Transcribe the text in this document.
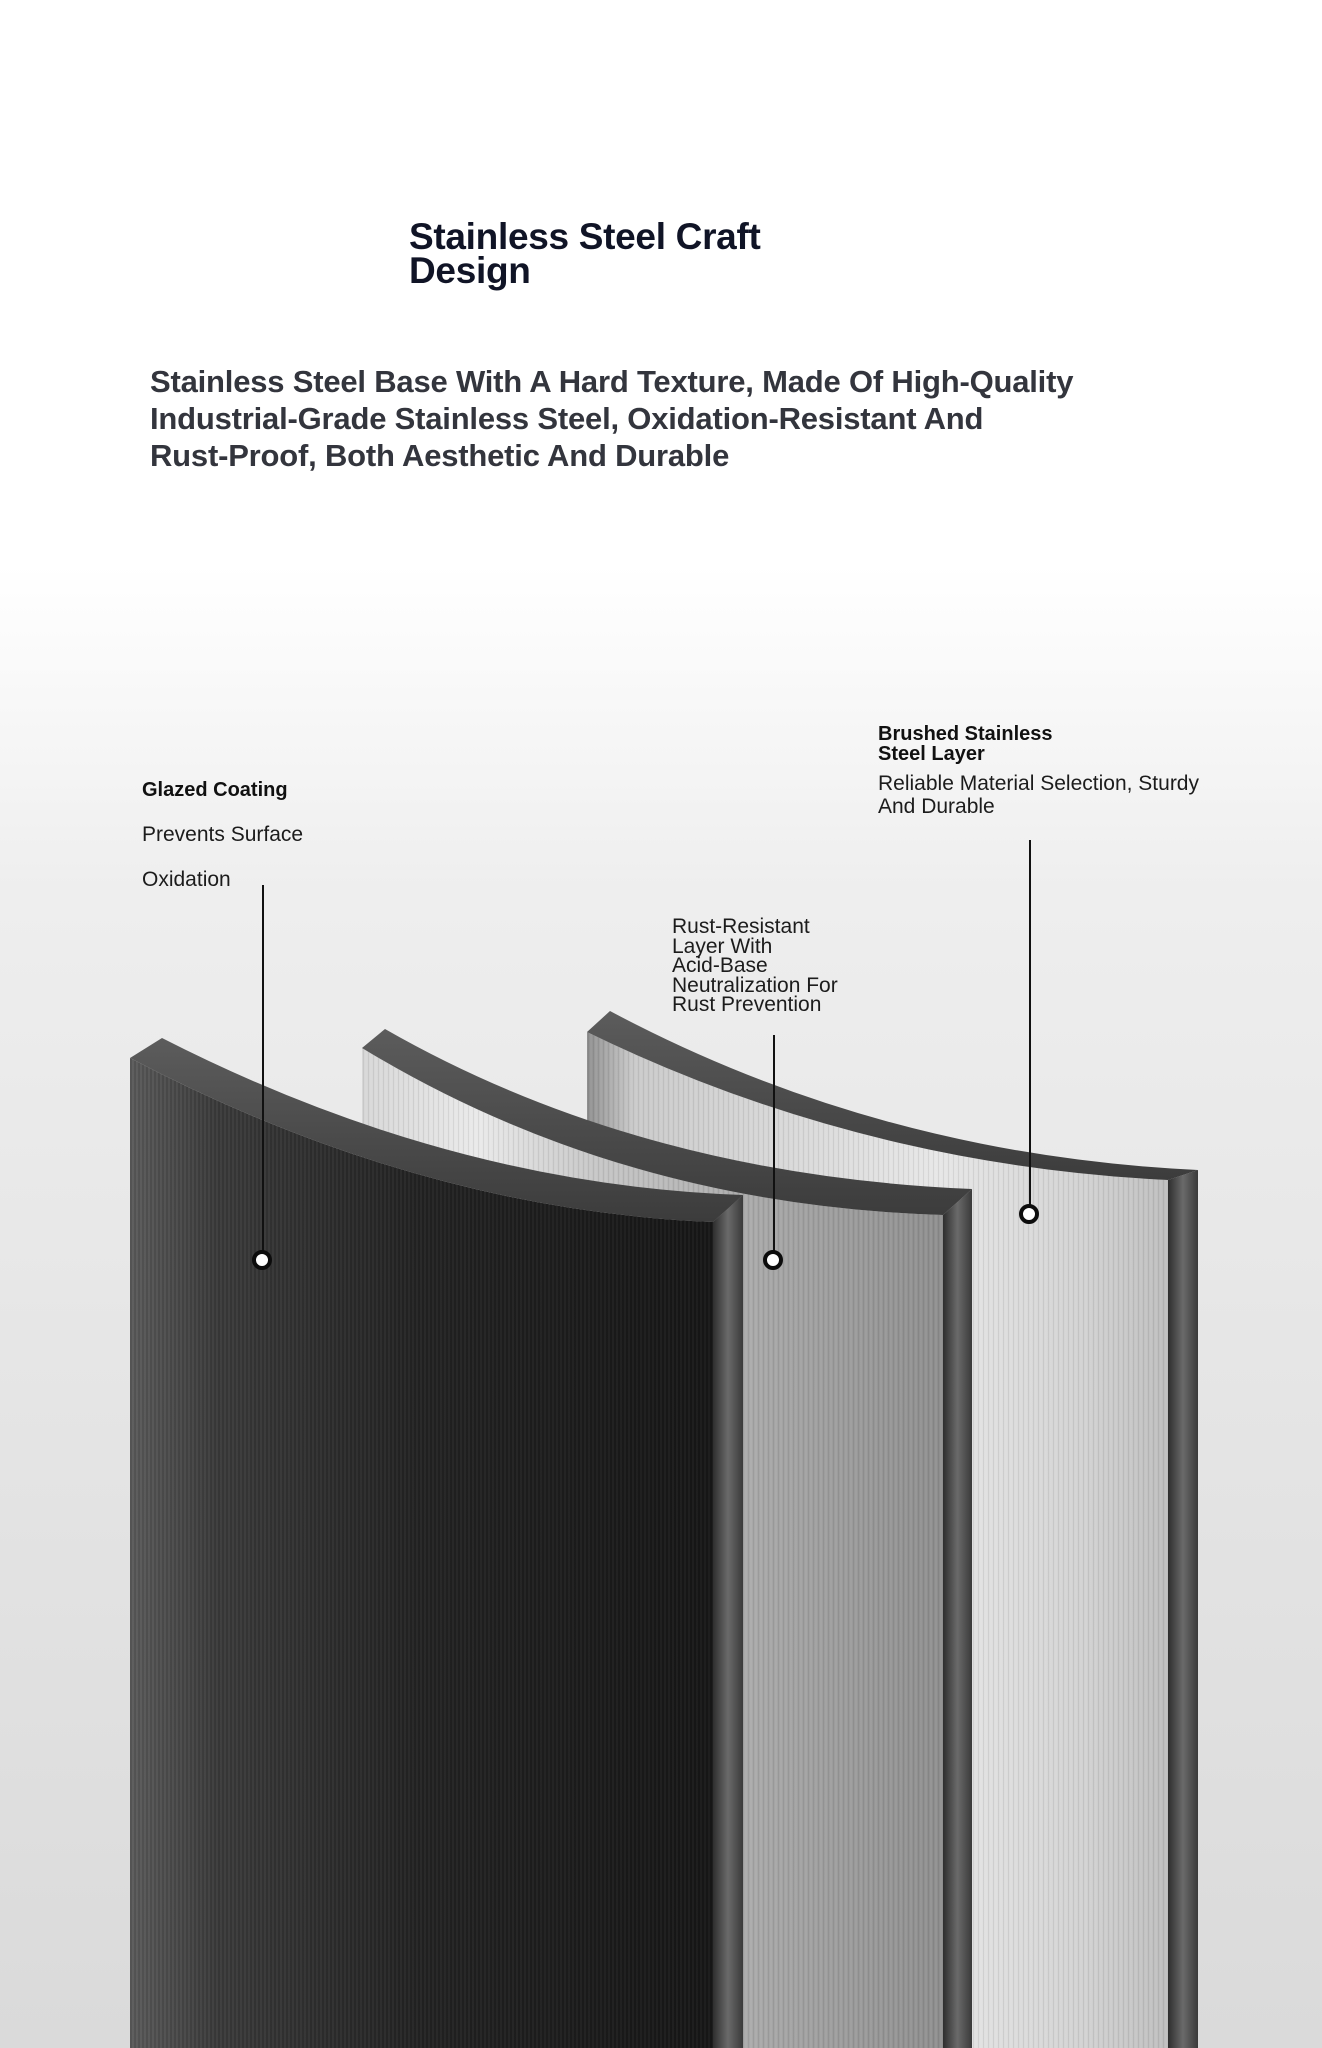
Stainless Steel Craft
Design

Stainless Steel Base With A Hard Texture, Made Of High-Quality
Industrial-Grade Stainless Steel, Oxidation-Resistant And
Rust-Proof, Both Aesthetic And Durable

Glazed Coating
Prevents Surface
Oxidation
Rust-Resistant
Layer With
Acid-Base
Neutralization For
Rust Prevention
Brushed Stainless
Steel Layer
Reliable Material Selection, Sturdy
And Durable
